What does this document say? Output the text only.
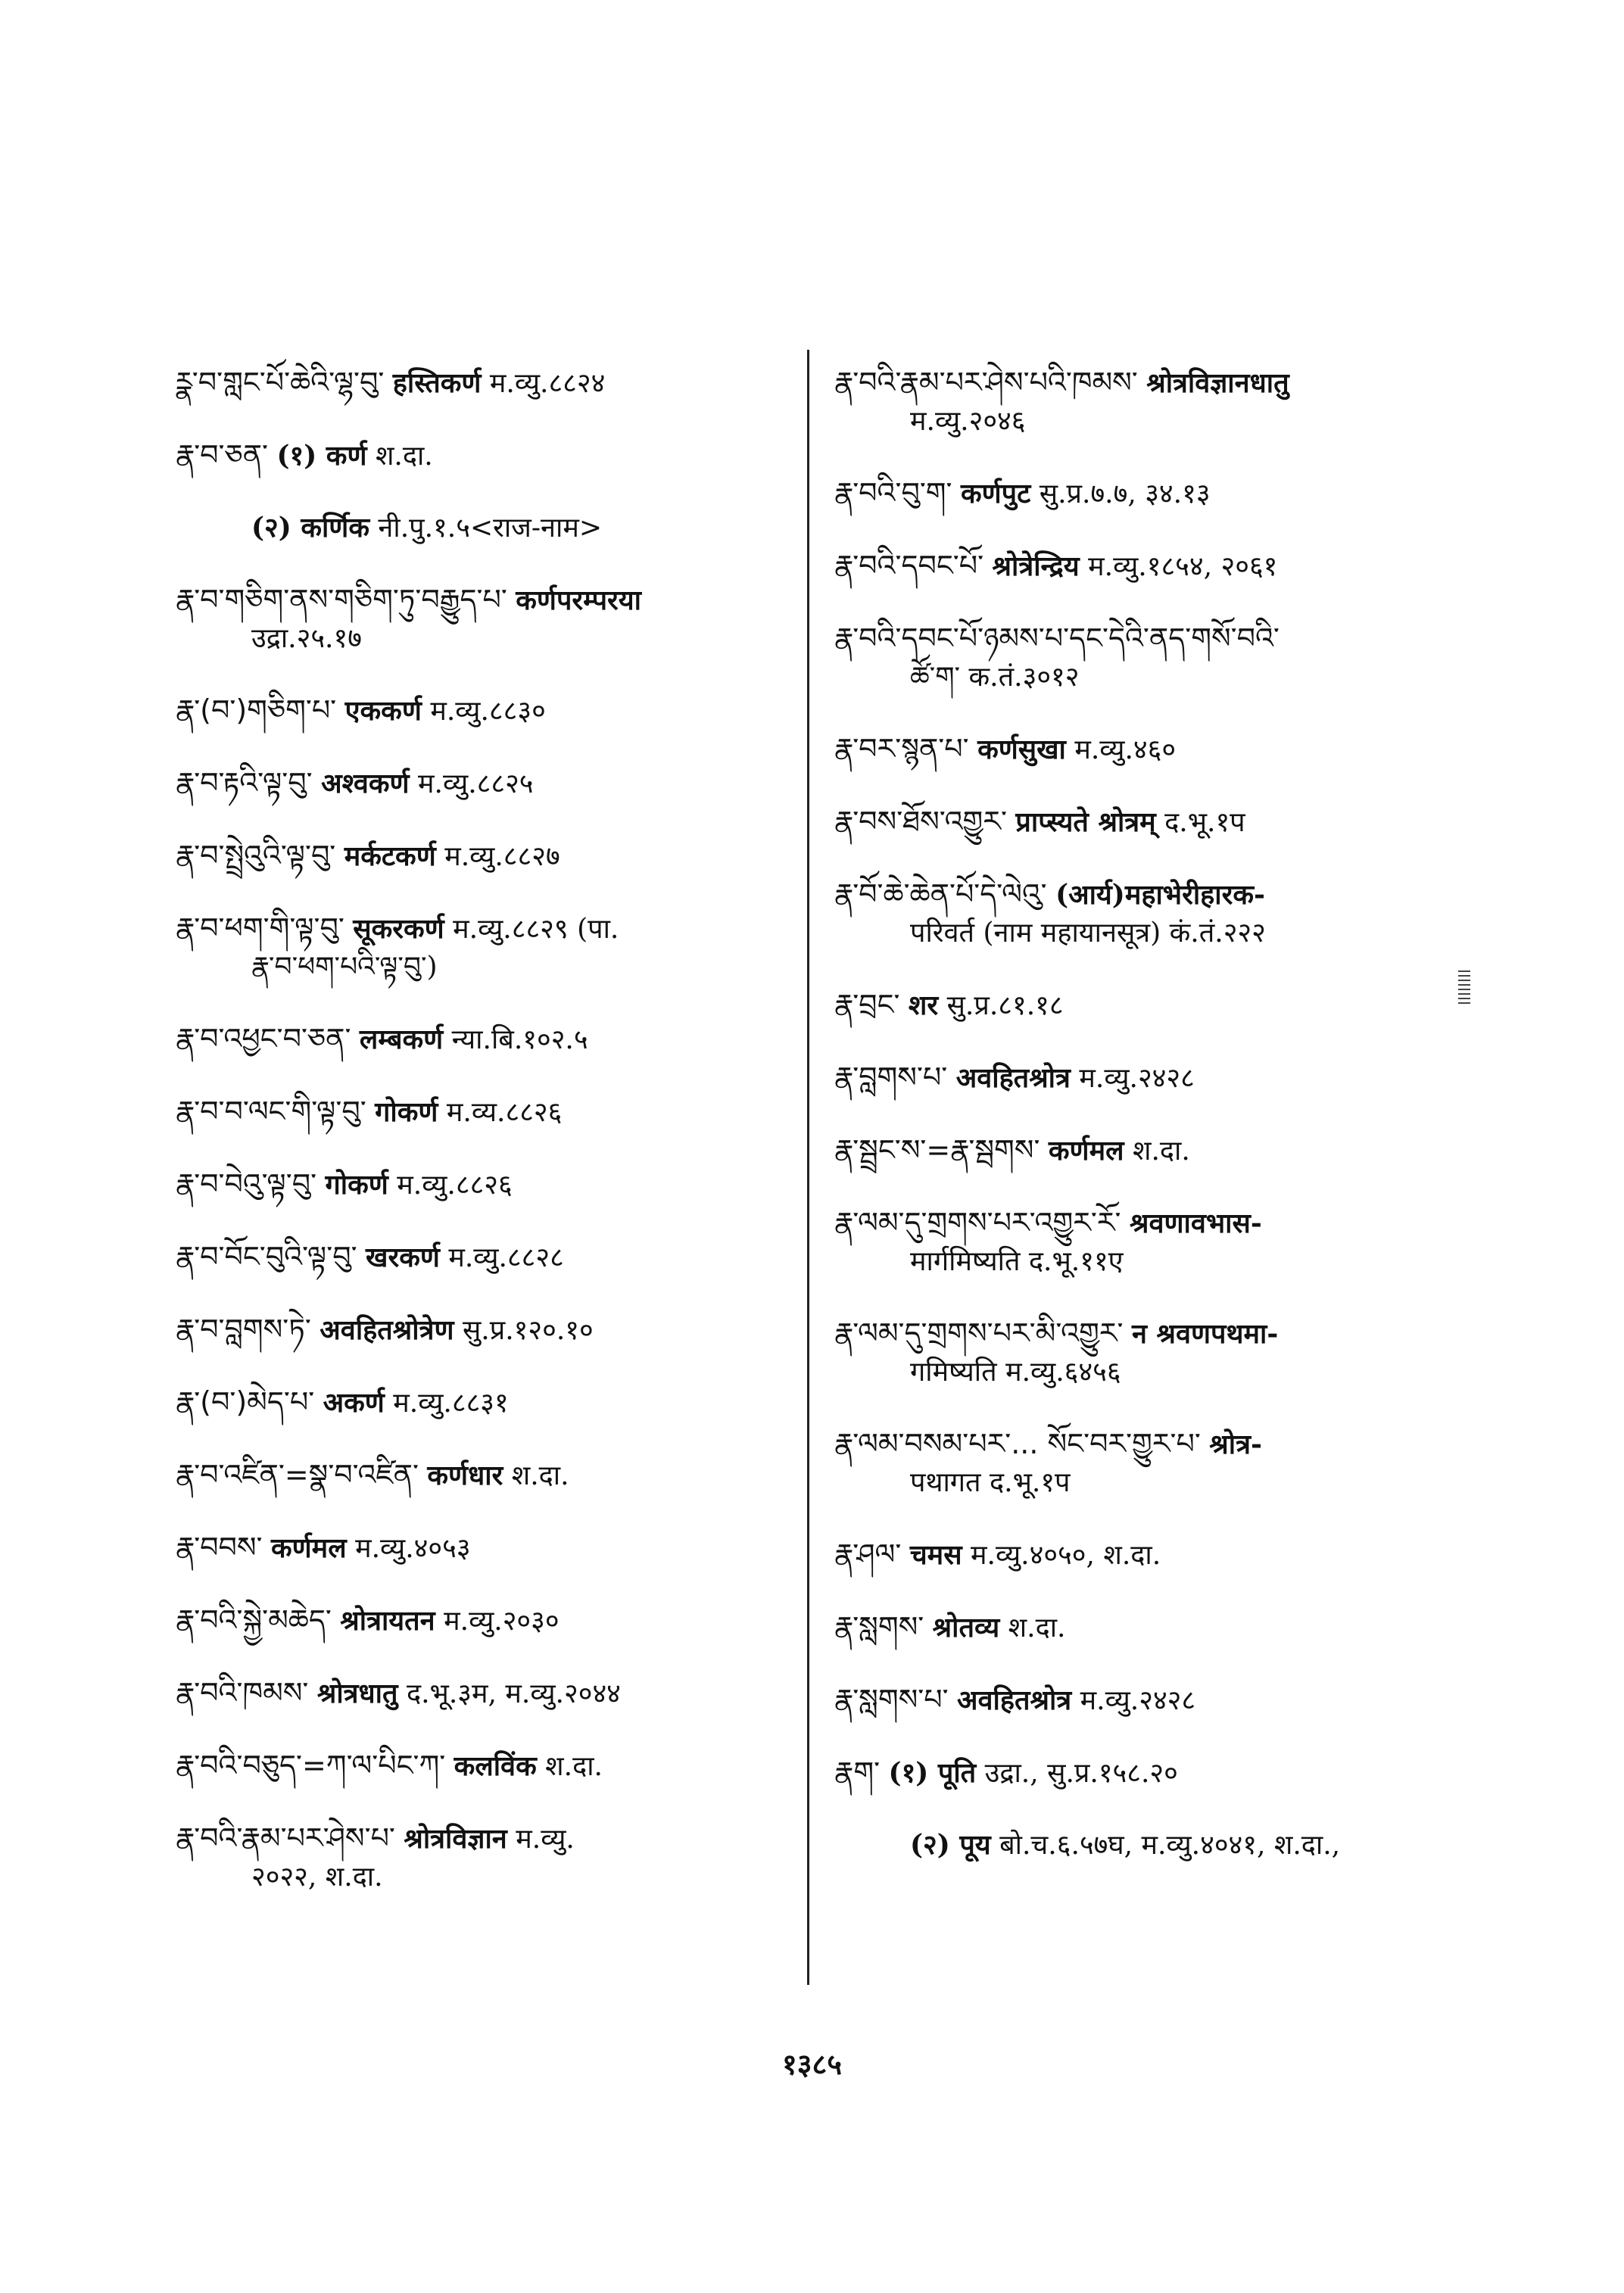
ཪྣ་བ་གླང་པོ་ཆེའི་ལྷ་བུ་ हस्तिकर्ण म.व्यु.८८२४
རྣ་བ་ཅན་ (१) कर्ण श.दा.
(२) कर्णिक नी.पु.१.५<राज-नाम>
རྣ་བ་གཅིག་ནས་གཅིག་ཏུ་བརྒྱུད་པ་ कर्णपरम्परया
उद्रा.२५.१७
རྣ་(བ་)གཅིག་པ་ एककर्ण म.व्यु.८८३०
རྣ་བ་རྟའི་ལྟ་བུ་ अश्वकर्ण म.व्यु.८८२५
རྣ་བ་སྤྲེའུའི་ལྟ་བུ་ मर्कटकर्ण म.व्यु.८८२७
རྣ་བ་ཕག་གི་ལྟ་བུ་ सूकरकर्ण म.व्यु.८८२९ (पा.
རྣ་བ་ཕག་པའི་ལྟ་བུ་)
རྣ་བ་འཕྱང་བ་ཅན་ लम्बकर्ण न्या.बि.१०२.५
རྣ་བ་བ་ལང་གི་ལྟ་བུ་ गोकर्ण म.व्य.८८२६
རྣ་བ་བེའུ་ལྟ་བུ་ गोकर्ण म.व्यु.८८२६
རྣ་བ་བོང་བུའི་ལྟ་བུ་ खरकर्ण म.व्यु.८८२८
རྣ་བ་བླགས་ཏེ་ अवहितश्रोत्रेण सु.प्र.१२०.१०
རྣ་(བ་)མེད་པ་ अकर्ण म.व्यु.८८३१
རྣ་བ་འཛིན་=སྣ་བ་འཛིན་ कर्णधार श.दा.
རྣ་བབས་ कर्णमल म.व्यु.४०५३
རྣ་བའི་སྐྱེ་མཆེད་ श्रोत्रायतन म.व्यु.२०३०
རྣ་བའི་ཁམས་ श्रोत्रधातु द.भू.३म, म.व्यु.२०४४
རྣ་བའི་བཅུད་=ཀ་ལ་པིང་ཀ་ कलविंक श.दा.
རྣ་བའི་རྣམ་པར་ཤེས་པ་ श्रोत्रविज्ञान म.व्यु.
२०२२, श.दा.
རྣ་བའི་རྣམ་པར་ཤེས་པའི་ཁམས་ श्रोत्रविज्ञानधातु
म.व्यु.२०४६
རྣ་བའི་བུ་ག་ कर्णपुट सु.प्र.७.७, ३४.१३
རྣ་བའི་དབང་པོ་ श्रोत्रेन्द्रिय म.व्यु.१८५४, २०६१
རྣ་བའི་དབང་པོ་ཉམས་པ་དང་དེའི་ནད་གསོ་བའི་
ཚོ་ག་ क.तं.३०१२
རྣ་བར་སྙན་པ་ कर्णसुखा म.व्यु.४६०
རྣ་བས་ཐོས་འགྱུར་ प्राप्स्यते श्रोत्रम् द.भू.१प
རྣ་བོ་ཆེ་ཆེན་པོ་དེ་ལེའུ་ (आर्य)महाभेरीहारक-
परिवर्त (नाम महायानसूत्र) कं.तं.२२२
རྣ་བྲང་ शर सु.प्र.८१.१८
རྣ་བླགས་པ་ अवहितश्रोत्र म.व्यु.२४२८
རྣ་སྦྲང་ས་=རྣ་སྦགས་ कर्णमल श.दा.
རྣ་ལམ་དུ་གྲགས་པར་འགྱུར་རོ་ श्रवणावभास-
मार्गमिष्यति द.भू.११ए
རྣ་ལམ་དུ་གྲགས་པར་མི་འགྱུར་ न श्रवणपथमा-
गमिष्यति म.व्यु.६४५६
རྣ་ལམ་བསམ་པར་... སོང་བར་གྱུར་པ་ श्रोत्र-
पथागत द.भू.१प
རྣ་ཤལ་ चमस म.व्यु.४०५०, श.दा.
རྣ་སླགས་ श्रोतव्य श.दा.
རྣ་སླགས་པ་ अवहितश्रोत्र म.व्यु.२४२८
རྣག་ (१) पूति उद्रा., सु.प्र.१५८.२०
(२) पूय बो.च.६.५७घ, म.व्यु.४०४१, श.दा.,
१३८५
